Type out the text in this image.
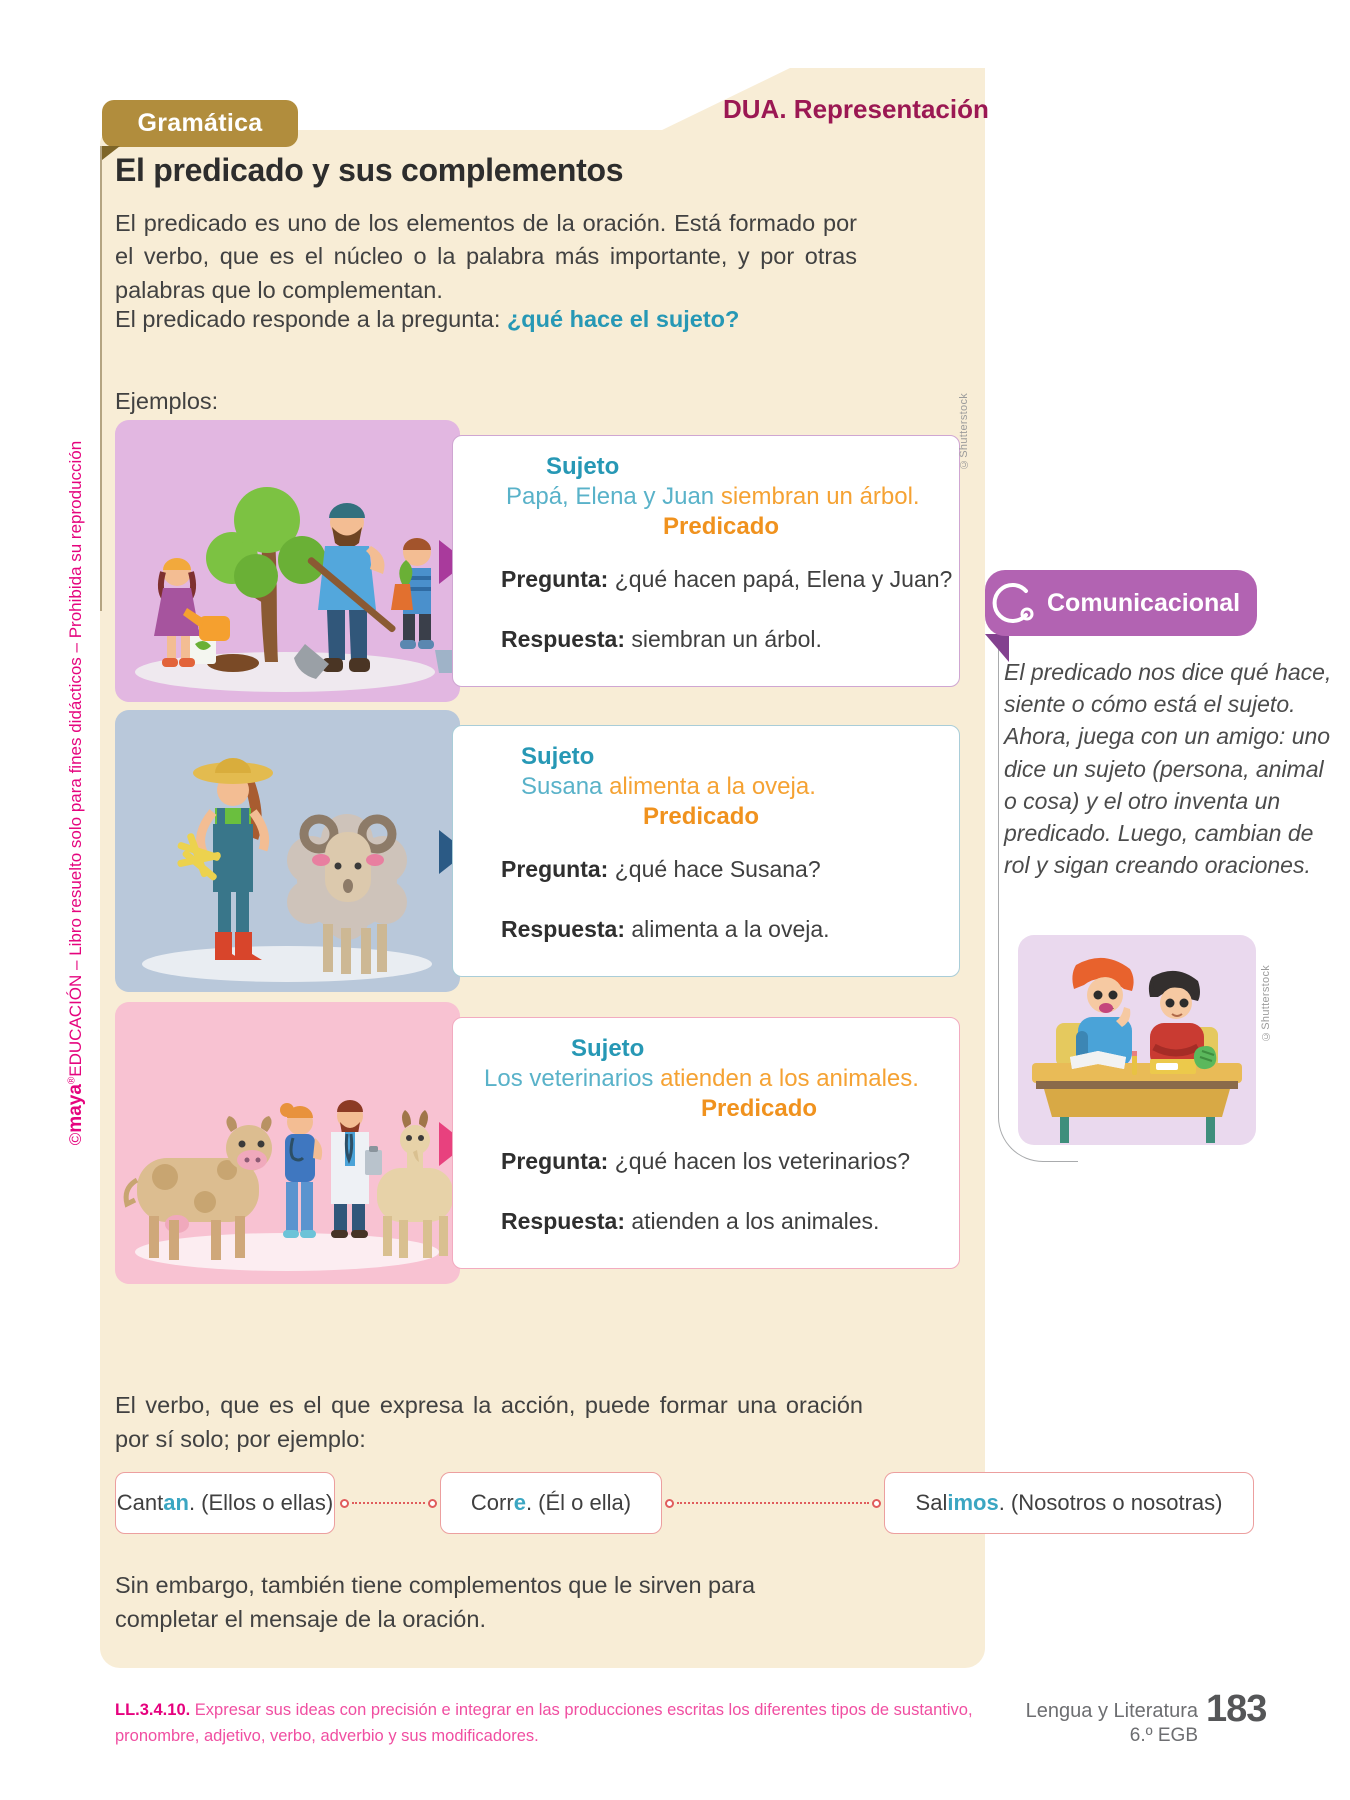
Gramática	DUA. Representación
El predicado y sus complementos

El predicado es uno de los elementos de la oración. Está formado por el verbo, que es el núcleo o la palabra más importante, y por otras palabras que lo complementan.

El predicado responde a la pregunta: ¿qué hace el sujeto?

Ejemplos:

Sujeto
Papá, Elena y Juan siembran un árbol.
Predicado

Pregunta: ¿qué hacen papá, Elena y Juan?

Respuesta: siembran un árbol.

Sujeto
Susana alimenta a la oveja.
Predicado

Pregunta: ¿qué hace Susana?

Respuesta: alimenta a la oveja.

Sujeto
Los veterinarios atienden a los animales.
Predicado

Pregunta: ¿qué hacen los veterinarios?

Respuesta: atienden a los animales.

El verbo, que es el que expresa la acción, puede formar una oración por sí solo; por ejemplo:

Cant an . (Ellos o ellas)	Corr e . (Él o ella)	Sal imos . (Nosotros o nosotras)

Sin embargo, también tiene complementos que le sirven para completar el mensaje de la oración.

Comunicacional

El predicado nos dice qué hace, siente o cómo está el sujeto. Ahora, juega con un amigo: uno dice un sujeto (persona, animal o cosa) y el otro inventa un predicado. Luego, cambian de rol y sigan creando oraciones.

©Shutterstock
©Shutterstock
©maya®EDUCACIÓN – Libro resuelto solo para fines didácticos – Prohibida su reproducción

LL.3.4.10. Expresar sus ideas con precisión e integrar en las producciones escritas los diferentes tipos de sustantivo, pronombre, adjetivo, verbo, adverbio y sus modificadores.

Lengua y Literatura
6.º EGB
183
